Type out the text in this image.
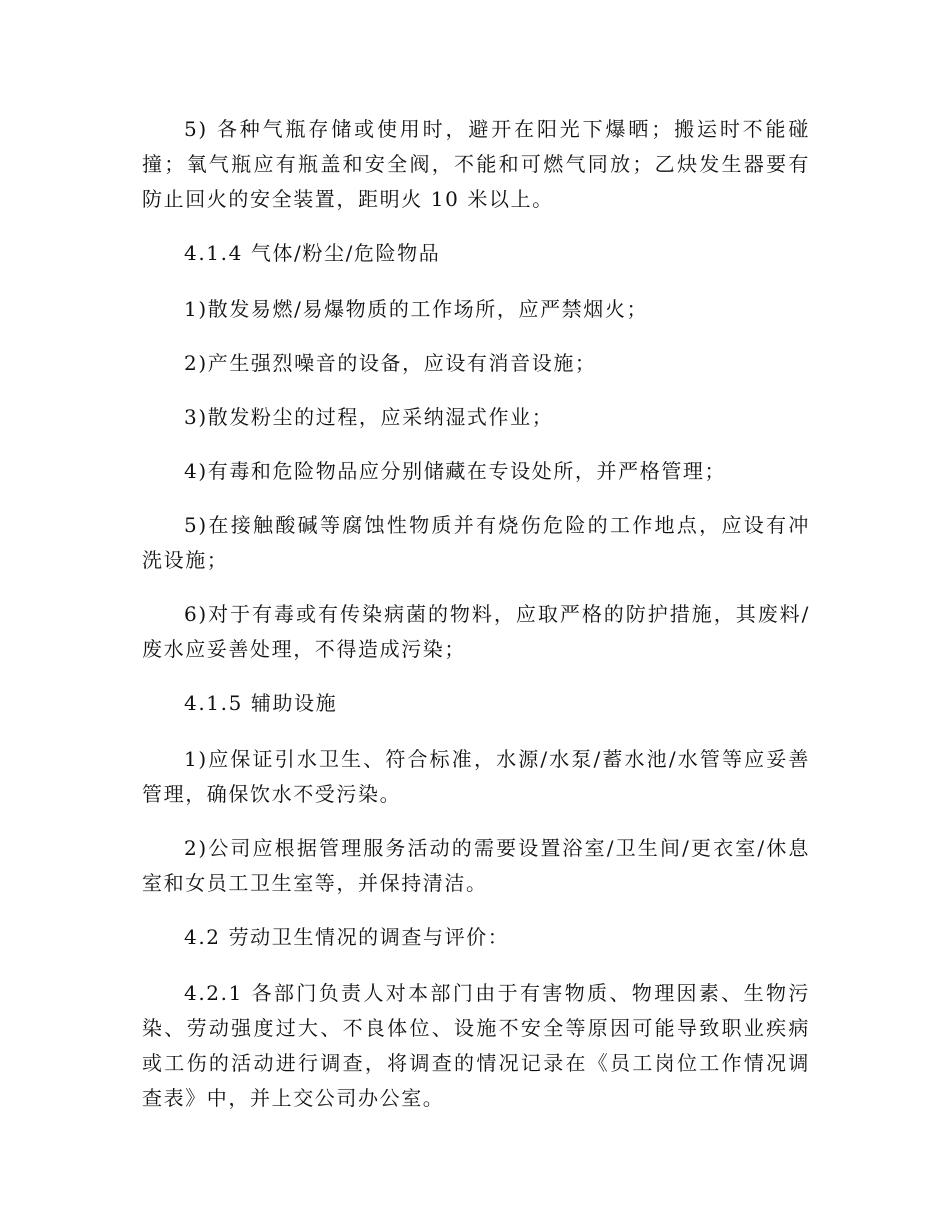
5) 各种气瓶存储或使用时，避开在阳光下爆晒；搬运时不能碰撞；氧气瓶应有瓶盖和安全阀，不能和可燃气同放；乙炔发生器要有防止回火的安全装置，距明火 10 米以上。

4.1.4 气体/粉尘/危险物品

1)散发易燃/易爆物质的工作场所，应严禁烟火；

2)产生强烈噪音的设备，应设有消音设施；

3)散发粉尘的过程，应采纳湿式作业；

4)有毒和危险物品应分别储藏在专设处所，并严格管理；

5)在接触酸碱等腐蚀性物质并有烧伤危险的工作地点，应设有冲洗设施；

6)对于有毒或有传染病菌的物料，应取严格的防护措施，其废料/废水应妥善处理，不得造成污染；

4.1.5 辅助设施

1)应保证引水卫生、符合标准，水源/水泵/蓄水池/水管等应妥善管理，确保饮水不受污染。

2)公司应根据管理服务活动的需要设置浴室/卫生间/更衣室/休息室和女员工卫生室等，并保持清洁。

4.2 劳动卫生情况的调查与评价：

4.2.1 各部门负责人对本部门由于有害物质、物理因素、生物污染、劳动强度过大、不良体位、设施不安全等原因可能导致职业疾病或工伤的活动进行调查，将调查的情况记录在《员工岗位工作情况调查表》中，并上交公司办公室。
